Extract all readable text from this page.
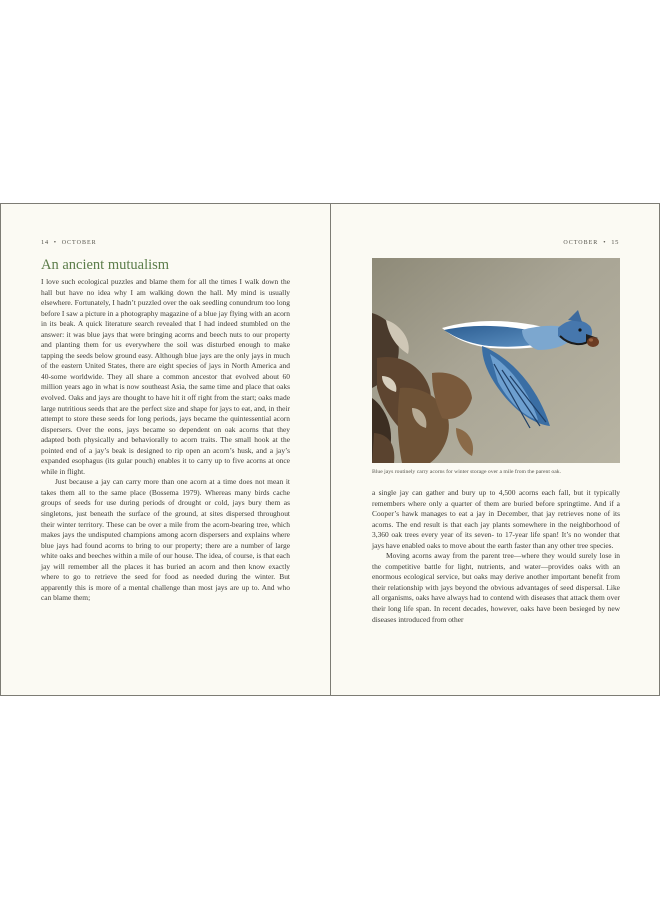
14 • OCTOBER
An ancient mutualism

I love such ecological puzzles and blame them for all the times I walk down the hall but have no idea why I am walking down the hall. My mind is usually elsewhere. Fortunately, I hadn’t puzzled over the oak seedling conundrum too long before I saw a picture in a photography magazine of a blue jay flying with an acorn in its beak. A quick literature search revealed that I had indeed stumbled on the answer: it was blue jays that were bringing acorns and beech nuts to our property and planting them for us everywhere the soil was disturbed enough to make tapping the seeds below ground easy. Although blue jays are the only jays in much of the eastern United States, there are eight species of jays in North America and 40-some worldwide. They all share a common ancestor that evolved about 60 million years ago in what is now southeast Asia, the same time and place that oaks evolved. Oaks and jays are thought to have hit it off right from the start; oaks made large nutritious seeds that are the perfect size and shape for jays to eat, and, in their attempt to store these seeds for long periods, jays became the quintessential acorn dispersers. Over the eons, jays became so dependent on oak acorns that they adapted both physically and behaviorally to acorn traits. The small hook at the pointed end of a jay’s beak is designed to rip open an acorn’s husk, and a jay’s expanded esophagus (its gular pouch) enables it to carry up to five acorns at once while in flight.

Just because a jay can carry more than one acorn at a time does not mean it takes them all to the same place (Bossema 1979). Whereas many birds cache groups of seeds for use during periods of drought or cold, jays bury them as singletons, just beneath the surface of the ground, at sites dispersed throughout their winter territory. These can be over a mile from the acorn-bearing tree, which makes jays the undisputed champions among acorn dispersers and explains where blue jays had found acorns to bring to our property; there are a number of large white oaks and beeches within a mile of our house. The idea, of course, is that each jay will remember all the places it has buried an acorn and then know exactly where to go to retrieve the seed for food as needed during the winter. But apparently this is more of a mental challenge than most jays are up to. And who can blame them;

OCTOBER • 15
Blue jays routinely carry acorns for winter storage over a mile from the parent oak.

a single jay can gather and bury up to 4,500 acorns each fall, but it typically remembers where only a quarter of them are buried before springtime. And if a Cooper’s hawk manages to eat a jay in December, that jay retrieves none of its acorns. The end result is that each jay plants somewhere in the neighborhood of 3,360 oak trees every year of its seven- to 17-year life span! It’s no wonder that jays have enabled oaks to move about the earth faster than any other tree species.

Moving acorns away from the parent tree—where they would surely lose in the competitive battle for light, nutrients, and water—provides oaks with an enormous ecological service, but oaks may derive another important benefit from their relationship with jays beyond the obvious advantages of seed dispersal. Like all organisms, oaks have always had to contend with diseases that attack them over their long life span. In recent decades, however, oaks have been besieged by new diseases introduced from other
